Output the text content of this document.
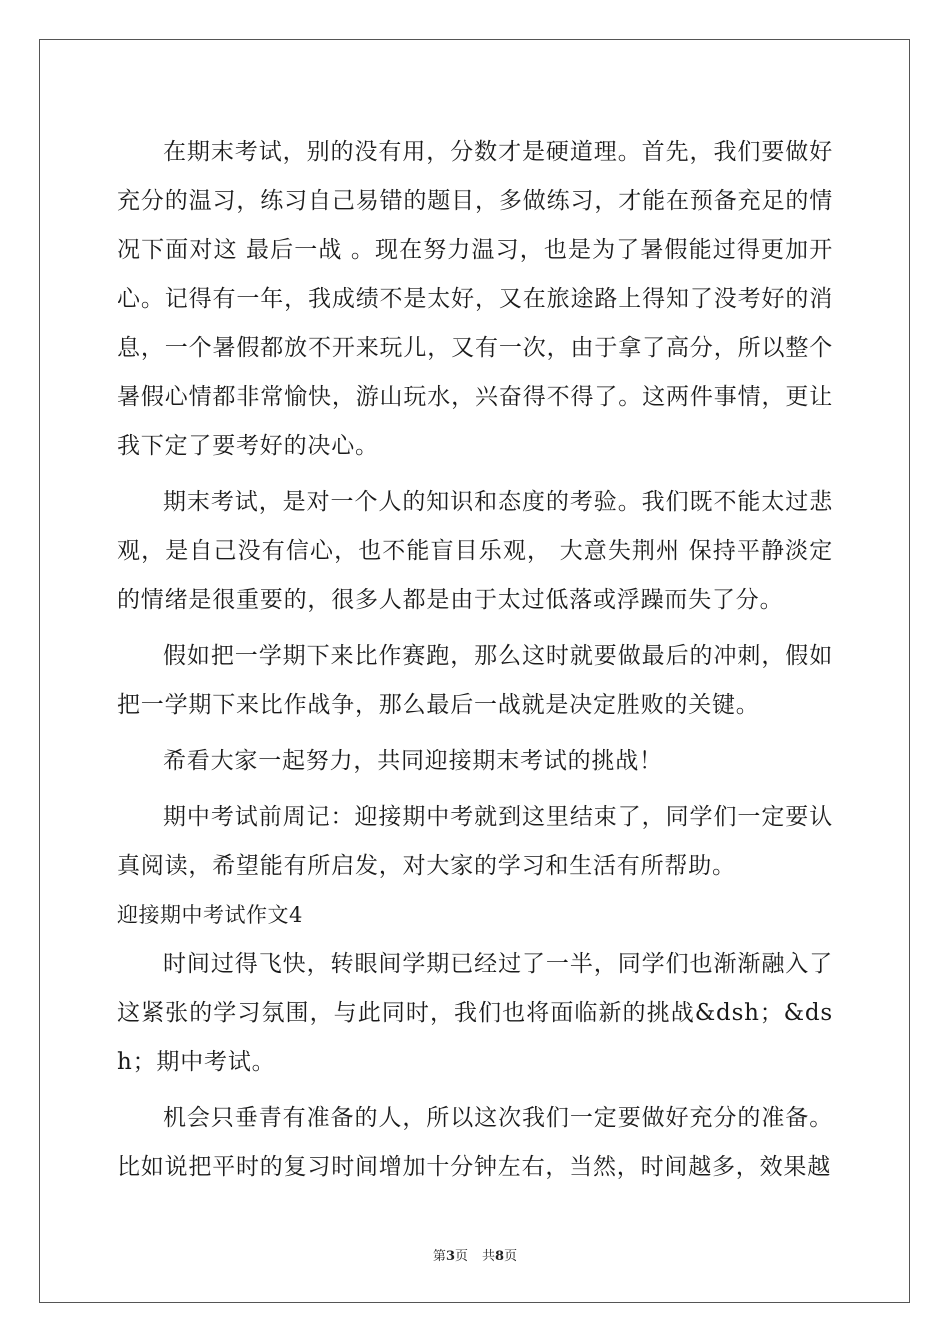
在期末考试，别的没有用，分数才是硬道理。首先，我们要做好充分的温习，练习自己易错的题目，多做练习，才能在预备充足的情况下面对这 最后一战 。现在努力温习，也是为了暑假能过得更加开心。记得有一年，我成绩不是太好，又在旅途路上得知了没考好的消息，一个暑假都放不开来玩儿，又有一次，由于拿了高分，所以整个暑假心情都非常愉快，游山玩水，兴奋得不得了。这两件事情，更让我下定了要考好的决心。

期末考试，是对一个人的知识和态度的考验。我们既不能太过悲观，是自己没有信心，也不能盲目乐观， 大意失荆州 保持平静淡定的情绪是很重要的，很多人都是由于太过低落或浮躁而失了分。

假如把一学期下来比作赛跑，那么这时就要做最后的冲刺，假如把一学期下来比作战争，那么最后一战就是决定胜败的关键。

希看大家一起努力，共同迎接期末考试的挑战！

期中考试前周记：迎接期中考就到这里结束了，同学们一定要认真阅读，希望能有所启发，对大家的学习和生活有所帮助。

迎接期中考试作文4

时间过得飞快，转眼间学期已经过了一半，同学们也渐渐融入了这紧张的学习氛围，与此同时，我们也将面临新的挑战&dsh；&dsh；期中考试。

机会只垂青有准备的人，所以这次我们一定要做好充分的准备。比如说把平时的复习时间增加十分钟左右，当然，时间越多，效果越

第3页 共8页
